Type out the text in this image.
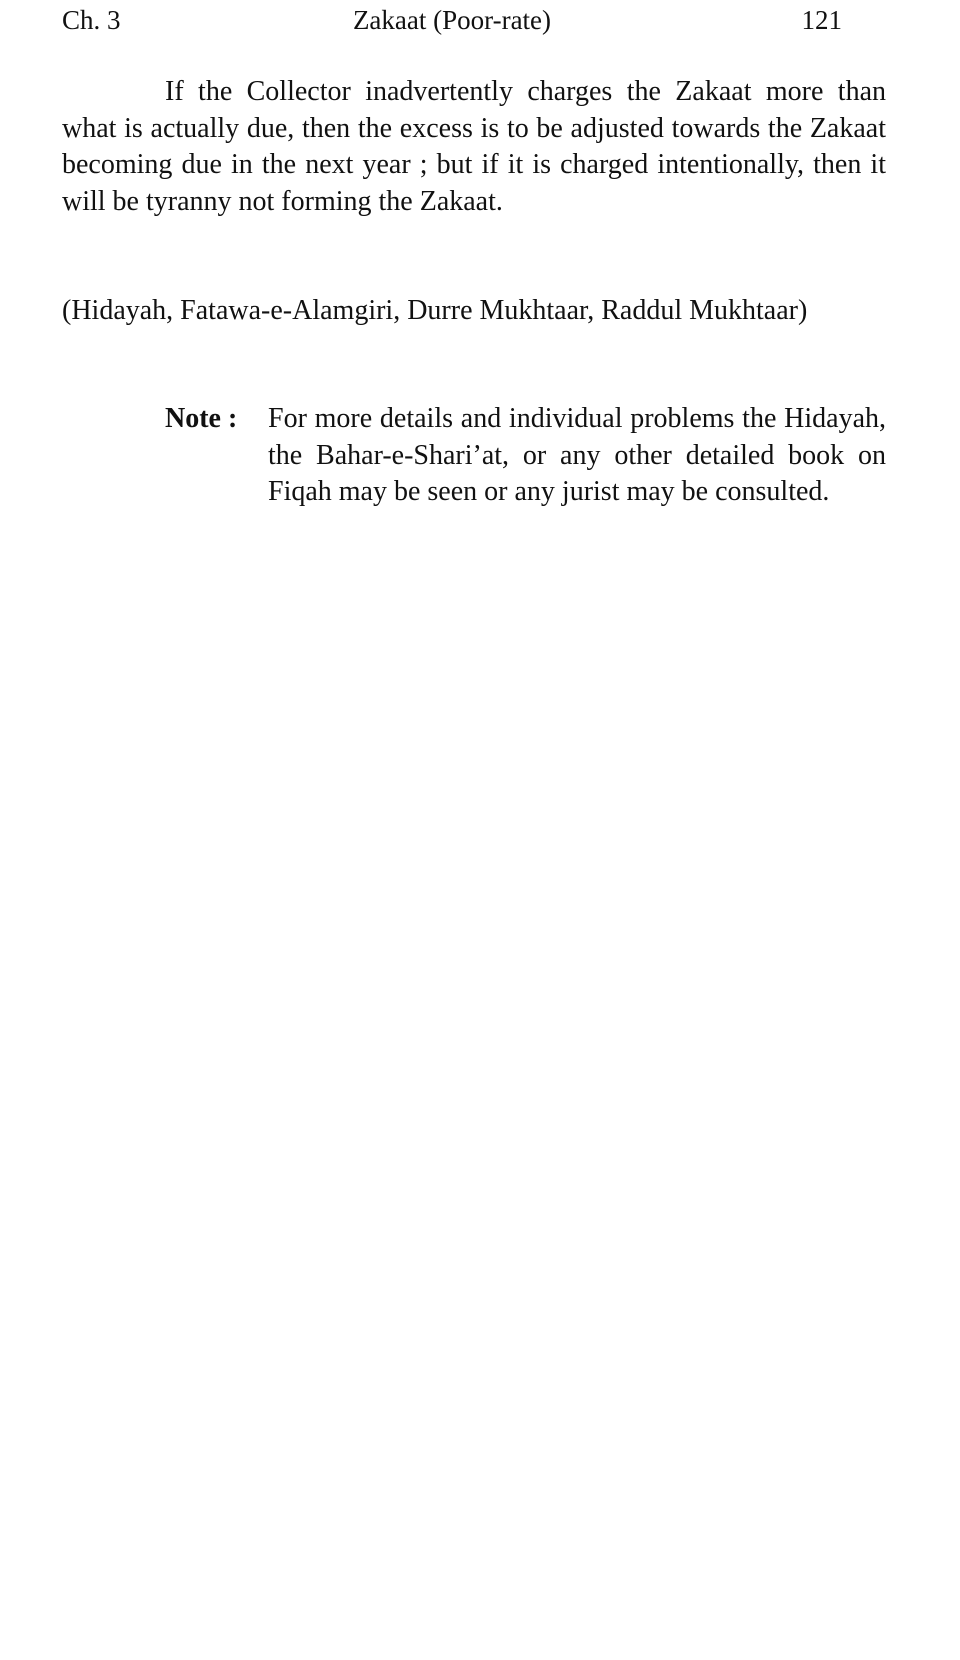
Ch. 3	Zakaat (Poor-rate)	121

If the Collector inadvertently charges the Zakaat more than what is actually due, then the excess is to be adjusted towards the Zakaat becoming due in the next year ; but if it is charged intentionally, then it will be tyranny not forming the Zakaat.

(Hidayah, Fatawa-e-Alamgiri, Durre Mukhtaar, Raddul Mukhtaar)

Note : For more details and individual problems the Hidayah, the Bahar-e-Shari’at, or any other detailed book on Fiqah may be seen or any jurist may be consulted.
